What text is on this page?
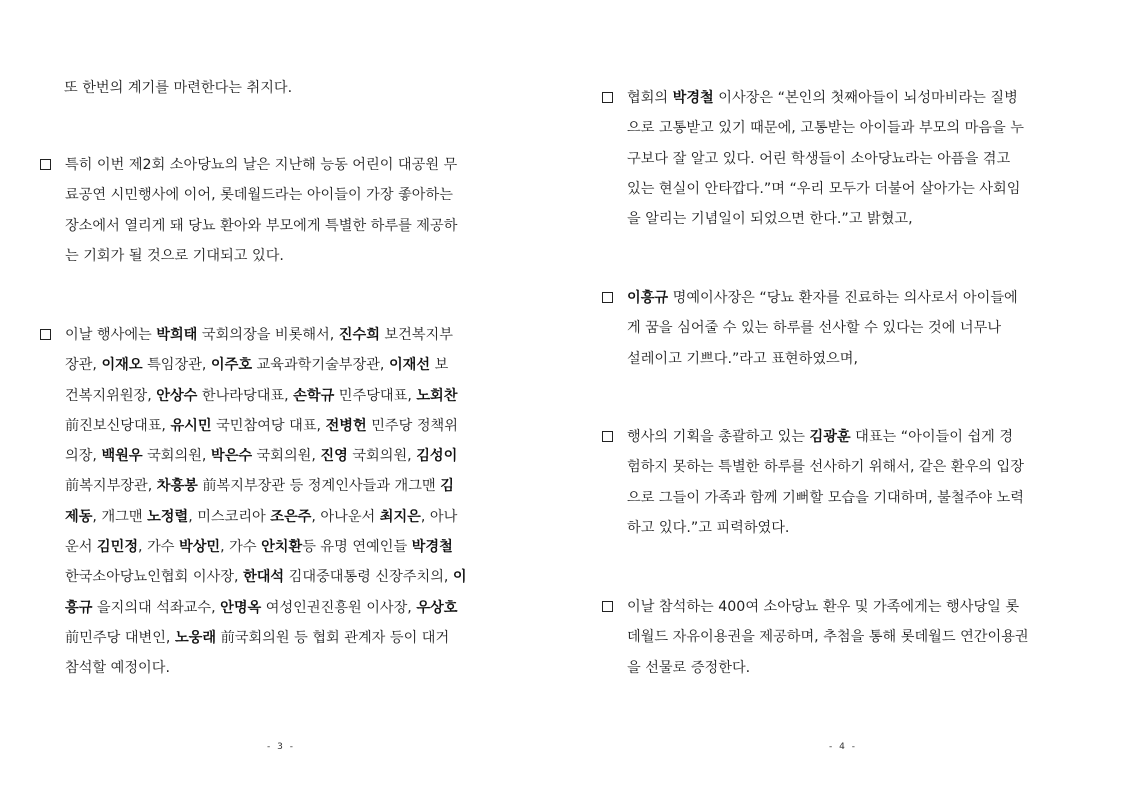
또 한번의 계기를 마련한다는 취지다.
특히 이번 제2회 소아당뇨의 날은 지난해 능동 어린이 대공원 무
료공연 시민행사에 이어, 롯데월드라는 아이들이 가장 좋아하는
장소에서 열리게 돼 당뇨 환아와 부모에게 특별한 하루를 제공하
는 기회가 될 것으로 기대되고 있다.
이날 행사에는 박희태 국회의장을 비롯해서, 진수희 보건복지부
장관, 이재오 특임장관, 이주호 교육과학기술부장관, 이재선 보
건복지위원장, 안상수 한나라당대표, 손학규 민주당대표, 노회찬
前진보신당대표, 유시민 국민참여당 대표, 전병헌 민주당 정책위
의장, 백원우 국회의원, 박은수 국회의원, 진영 국회의원, 김성이
前복지부장관, 차흥봉 前복지부장관 등 정계인사들과 개그맨 김
제동, 개그맨 노정렬, 미스코리아 조은주, 아나운서 최지은, 아나
운서 김민정, 가수 박상민, 가수 안치환등 유명 연예인들 박경철
한국소아당뇨인협회 이사장, 한대석 김대중대통령 신장주치의, 이
흥규 을지의대 석좌교수, 안명옥 여성인권진흥원 이사장, 우상호
前민주당 대변인, 노웅래 前국회의원 등 협회 관계자 등이 대거
참석할 예정이다.
- 3 -
협회의 박경철 이사장은 “본인의 첫째아들이 뇌성마비라는 질병
으로 고통받고 있기 때문에, 고통받는 아이들과 부모의 마음을 누
구보다 잘 알고 있다. 어린 학생들이 소아당뇨라는 아픔을 겪고
있는 현실이 안타깝다.”며 “우리 모두가 더불어 살아가는 사회임
을 알리는 기념일이 되었으면 한다.”고 밝혔고,
이흥규 명예이사장은 “당뇨 환자를 진료하는 의사로서 아이들에
게 꿈을 심어줄 수 있는 하루를 선사할 수 있다는 것에 너무나
설레이고 기쁘다.”라고 표현하였으며,
행사의 기획을 총괄하고 있는 김광훈 대표는 “아이들이 쉽게 경
험하지 못하는 특별한 하루를 선사하기 위해서, 같은 환우의 입장
으로 그들이 가족과 함께 기뻐할 모습을 기대하며, 불철주야 노력
하고 있다.”고 피력하였다.
이날 참석하는 400여 소아당뇨 환우 및 가족에게는 행사당일 롯
데월드 자유이용권을 제공하며, 추첨을 통해 롯데월드 연간이용권
을 선물로 증정한다.
- 4 -
